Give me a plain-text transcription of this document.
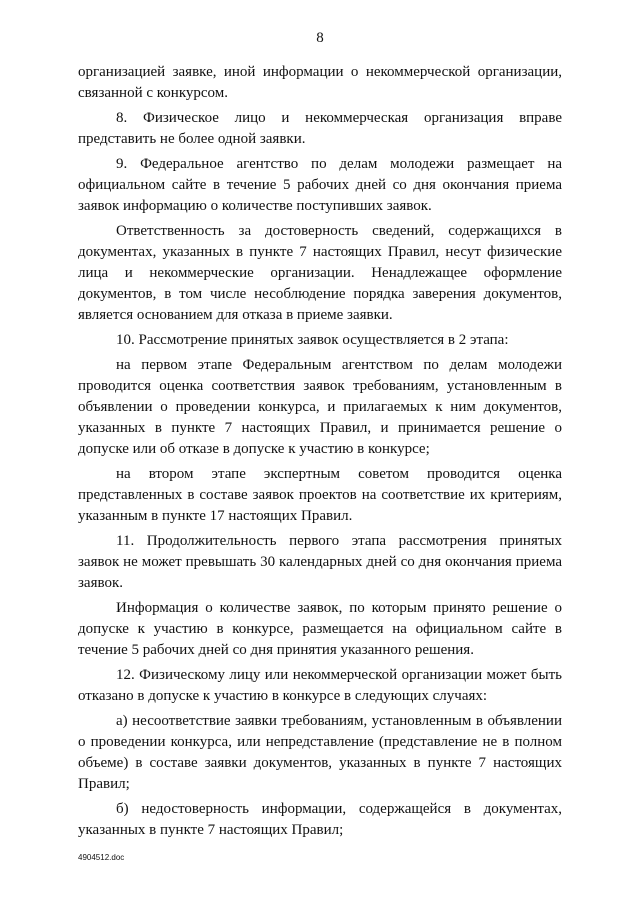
8

организацией заявке, иной информации о некоммерческой организации, связанной с конкурсом.

8. Физическое лицо и некоммерческая организация вправе представить не более одной заявки.

9. Федеральное агентство по делам молодежи размещает на официальном сайте в течение 5 рабочих дней со дня окончания приема заявок информацию о количестве поступивших заявок.

Ответственность за достоверность сведений, содержащихся в документах, указанных в пункте 7 настоящих Правил, несут физические лица и некоммерческие организации. Ненадлежащее оформление документов, в том числе несоблюдение порядка заверения документов, является основанием для отказа в приеме заявки.

10. Рассмотрение принятых заявок осуществляется в 2 этапа:

на первом этапе Федеральным агентством по делам молодежи проводится оценка соответствия заявок требованиям, установленным в объявлении о проведении конкурса, и прилагаемых к ним документов, указанных в пункте 7 настоящих Правил, и принимается решение о допуске или об отказе в допуске к участию в конкурсе;

на втором этапе экспертным советом проводится оценка представленных в составе заявок проектов на соответствие их критериям, указанным в пункте 17 настоящих Правил.

11. Продолжительность первого этапа рассмотрения принятых заявок не может превышать 30 календарных дней со дня окончания приема заявок.

Информация о количестве заявок, по которым принято решение о допуске к участию в конкурсе, размещается на официальном сайте в течение 5 рабочих дней со дня принятия указанного решения.

12. Физическому лицу или некоммерческой организации может быть отказано в допуске к участию в конкурсе в следующих случаях:

а) несоответствие заявки требованиям, установленным в объявлении о проведении конкурса, или непредставление (представление не в полном объеме) в составе заявки документов, указанных в пункте 7 настоящих Правил;

б) недостоверность информации, содержащейся в документах, указанных в пункте 7 настоящих Правил;

4904512.doc
